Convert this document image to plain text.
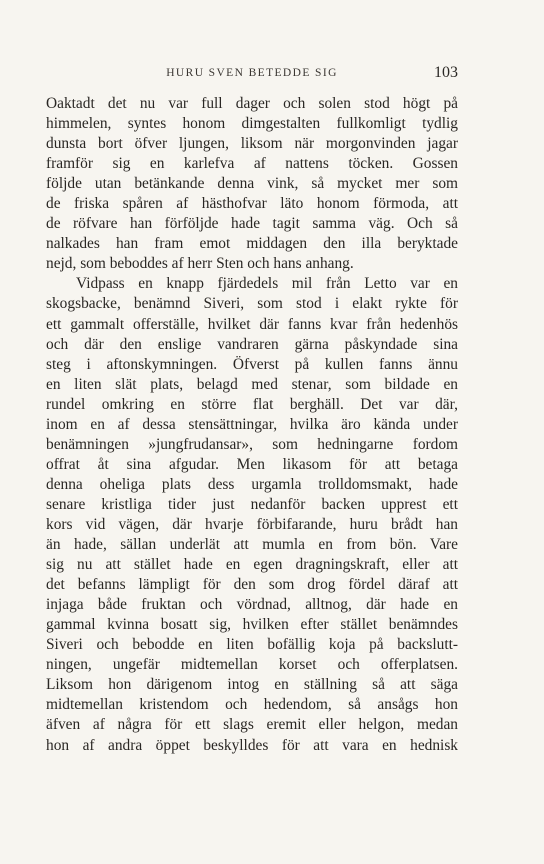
HURU SVEN BETEDDE SIG	103
Oaktadt det nu var full dager och solen stod högt på
himmelen, syntes honom dimgestalten fullkomligt tydlig
dunsta bort öfver ljungen, liksom när morgonvinden jagar
framför sig en karlefva af nattens töcken. Gossen
följde utan betänkande denna vink, så mycket mer som
de friska spåren af hästhofvar läto honom förmoda, att
de röfvare han förföljde hade tagit samma väg. Och så
nalkades han fram emot middagen den illa beryktade
nejd, som beboddes af herr Sten och hans anhang.
Vidpass en knapp fjärdedels mil från Letto var en
skogsbacke, benämnd Siveri, som stod i elakt rykte för
ett gammalt offerställe, hvilket där fanns kvar från hedenhös
och där den enslige vandraren gärna påskyndade sina
steg i aftonskymningen. Öfverst på kullen fanns ännu
en liten slät plats, belagd med stenar, som bildade en
rundel omkring en större flat berghäll. Det var där,
inom en af dessa stensättningar, hvilka äro kända under
benämningen »jungfrudansar», som hedningarne fordom
offrat åt sina afgudar. Men likasom för att betaga
denna oheliga plats dess urgamla trolldomsmakt, hade
senare kristliga tider just nedanför backen upprest ett
kors vid vägen, där hvarje förbifarande, huru brådt han
än hade, sällan underlät att mumla en from bön. Vare
sig nu att stället hade en egen dragningskraft, eller att
det befanns lämpligt för den som drog fördel däraf att
injaga både fruktan och vördnad, alltnog, där hade en
gammal kvinna bosatt sig, hvilken efter stället benämndes
Siveri och bebodde en liten bofällig koja på backslutt-
ningen, ungefär midtemellan korset och offerplatsen.
Liksom hon därigenom intog en ställning så att säga
midtemellan kristendom och hedendom, så ansågs hon
äfven af några för ett slags eremit eller helgon, medan
hon af andra öppet beskylldes för att vara en hednisk
